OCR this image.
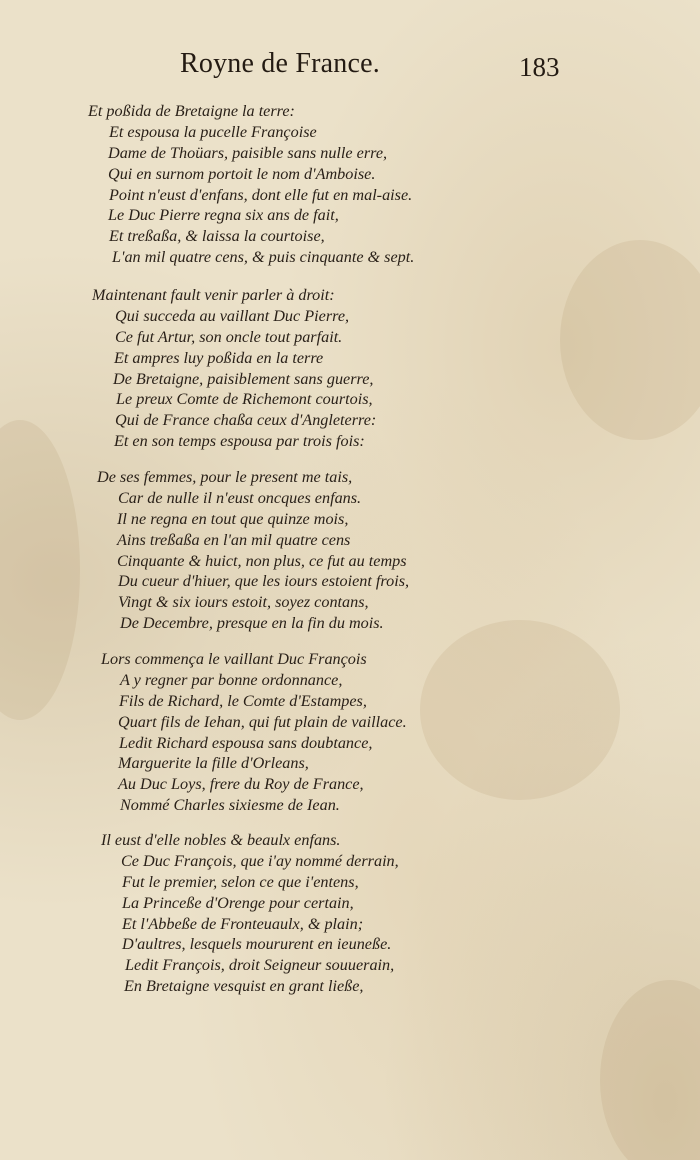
Royne de France.	183
Et poßida de Bretaigne la terre:
Et espousa la pucelle Françoise
Dame de Thoüars, paisible sans nulle erre,
Qui en surnom portoit le nom d'Amboise.
Point n'eust d'enfans, dont elle fut en mal-aise.
Le Duc Pierre regna six ans de fait,
Et treßaßa, & laissa la courtoise,
L'an mil quatre cens, & puis cinquante & sept.
Maintenant fault venir parler à droit:
Qui succeda au vaillant Duc Pierre,
Ce fut Artur, son oncle tout parfait.
Et ampres luy poßida en la terre
De Bretaigne, paisiblement sans guerre,
Le preux Comte de Richemont courtois,
Qui de France chaßa ceux d'Angleterre:
Et en son temps espousa par trois fois:
De ses femmes, pour le present me tais,
Car de nulle il n'eust oncques enfans.
Il ne regna en tout que quinze mois,
Ains treßaßa en l'an mil quatre cens
Cinquante & huict, non plus, ce fut au temps
Du cueur d'hiuer, que les iours estoient frois,
Vingt & six iours estoit, soyez contans,
De Decembre, presque en la fin du mois.
Lors commença le vaillant Duc François
A y regner par bonne ordonnance,
Fils de Richard, le Comte d'Estampes,
Quart fils de Iehan, qui fut plain de vaillace.
Ledit Richard espousa sans doubtance,
Marguerite la fille d'Orleans,
Au Duc Loys, frere du Roy de France,
Nommé Charles sixiesme de Iean.
Il eust d'elle nobles & beaulx enfans.
Ce Duc François, que i'ay nommé derrain,
Fut le premier, selon ce que i'entens,
La Princeße d'Orenge pour certain,
Et l'Abbeße de Fronteuaulx, & plain;
D'aultres, lesquels moururent en ieuneße.
Ledit François, droit Seigneur souuerain,
En Bretaigne vesquist en grant ließe,
